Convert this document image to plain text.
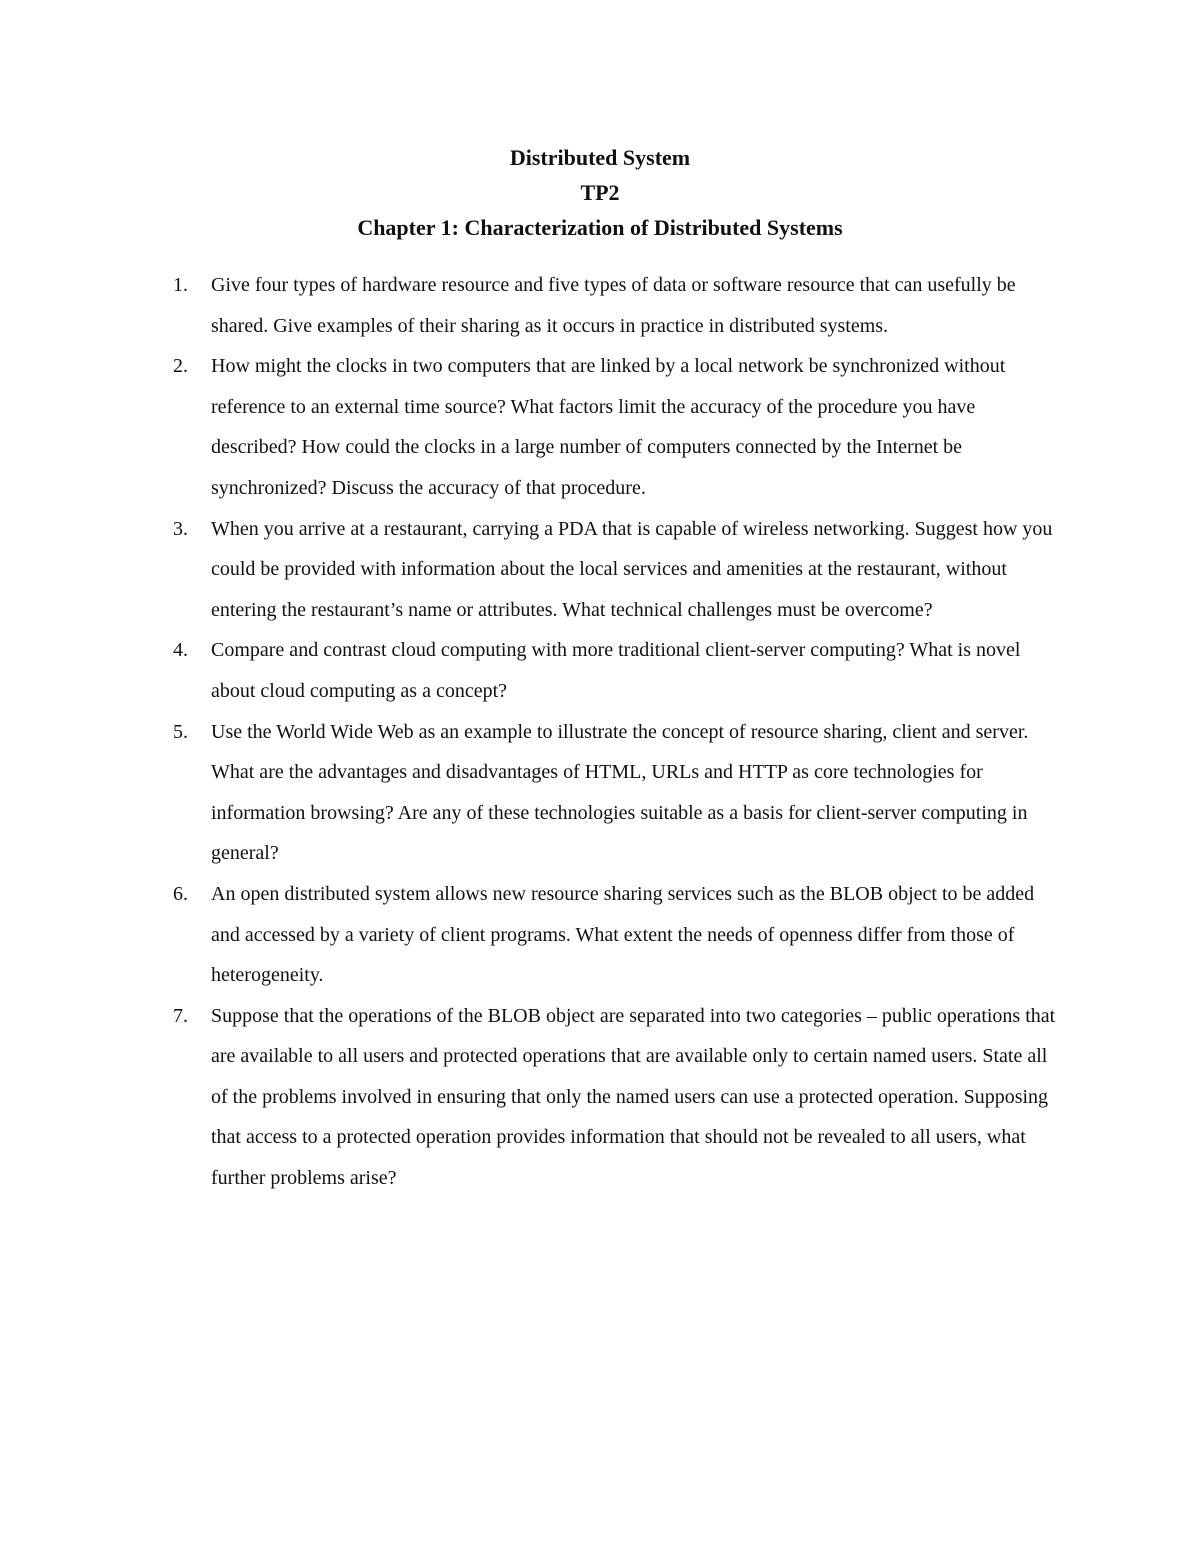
Distributed System
TP2
Chapter 1: Characterization of Distributed Systems
1.	Give four types of hardware resource and five types of data or software resource that can usefully be shared. Give examples of their sharing as it occurs in practice in distributed systems.
2.	How might the clocks in two computers that are linked by a local network be synchronized without reference to an external time source? What factors limit the accuracy of the procedure you have described? How could the clocks in a large number of computers connected by the Internet be synchronized? Discuss the accuracy of that procedure.
3.	When you arrive at a restaurant, carrying a PDA that is capable of wireless networking. Suggest how you could be provided with information about the local services and amenities at the restaurant, without entering the restaurant’s name or attributes. What technical challenges must be overcome?
4.	Compare and contrast cloud computing with more traditional client-server computing? What is novel about cloud computing as a concept?
5.	Use the World Wide Web as an example to illustrate the concept of resource sharing, client and server. What are the advantages and disadvantages of HTML, URLs and HTTP as core technologies for information browsing? Are any of these technologies suitable as a basis for client-server computing in general?
6.	An open distributed system allows new resource sharing services such as the BLOB object to be added and accessed by a variety of client programs. What extent the needs of openness differ from those of heterogeneity.
7.	Suppose that the operations of the BLOB object are separated into two categories – public operations that are available to all users and protected operations that are available only to certain named users. State all of the problems involved in ensuring that only the named users can use a protected operation. Supposing that access to a protected operation provides information that should not be revealed to all users, what further problems arise?
